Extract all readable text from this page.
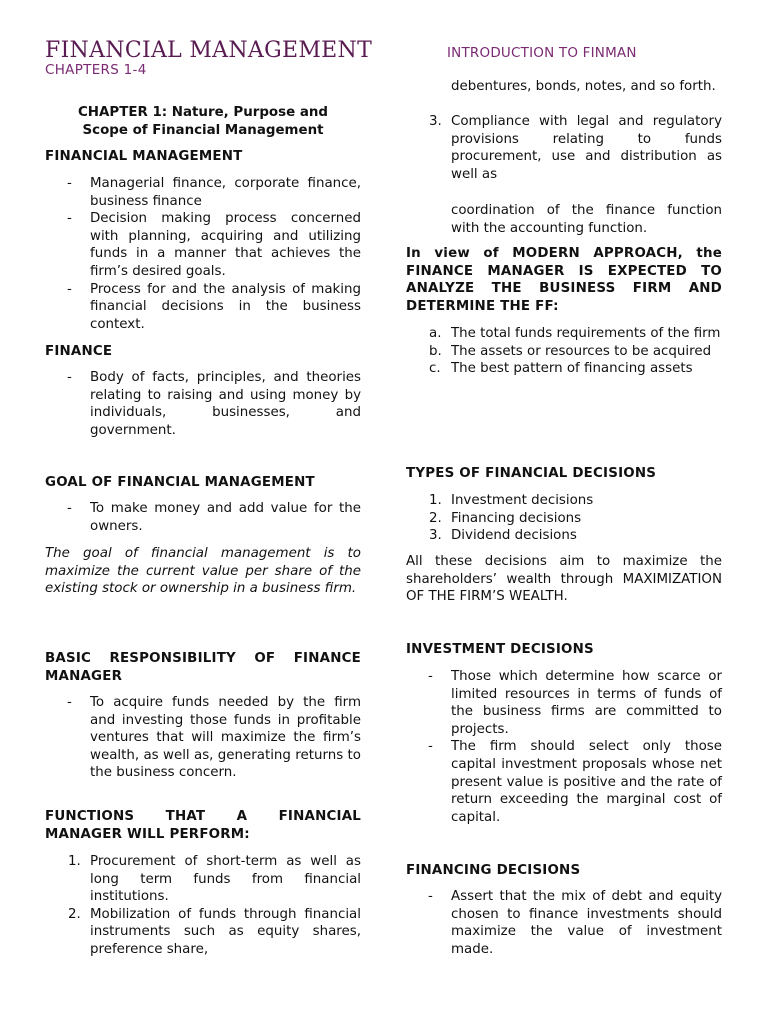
FINANCIAL MANAGEMENT
CHAPTERS 1-4
INTRODUCTION TO FINMAN
CHAPTER 1: Nature, Purpose and
Scope of Financial Management
FINANCIAL MANAGEMENT
-	Managerial finance, corporate finance, business finance
-	Decision making process concerned with planning, acquiring and utilizing funds in a manner that achieves the firm’s desired goals.
-	Process for and the analysis of making financial decisions in the business context.
FINANCE
-	Body of facts, principles, and theories relating to raising and using money by individuals, businesses, and government.
GOAL OF FINANCIAL MANAGEMENT
-	To make money and add value for the owners.
The goal of financial management is to maximize the current value per share of the existing stock or ownership in a business firm.
BASIC RESPONSIBILITY OF FINANCE MANAGER
-	To acquire funds needed by the firm and investing those funds in profitable ventures that will maximize the firm’s wealth, as well as, generating returns to the business concern.
FUNCTIONS THAT A FINANCIAL MANAGER WILL PERFORM:
1. Procurement of short-term as well as long term funds from financial institutions.
2. Mobilization of funds through financial instruments such as equity shares, preference share,
debentures, bonds, notes, and so forth.
3. Compliance with legal and regulatory provisions relating to funds procurement, use and distribution as well as
coordination of the finance function with the accounting function.
In view of MODERN APPROACH, the FINANCE MANAGER IS EXPECTED TO ANALYZE THE BUSINESS FIRM AND DETERMINE THE FF:
a. The total funds requirements of the firm
b. The assets or resources to be acquired
c. The best pattern of financing assets
TYPES OF FINANCIAL DECISIONS
1. Investment decisions
2. Financing decisions
3. Dividend decisions
All these decisions aim to maximize the shareholders’ wealth through MAXIMIZATION OF THE FIRM’S WEALTH.
INVESTMENT DECISIONS
-	Those which determine how scarce or limited resources in terms of funds of the business firms are committed to projects.
-	The firm should select only those capital investment proposals whose net present value is positive and the rate of return exceeding the marginal cost of capital.
FINANCING DECISIONS
-	Assert that the mix of debt and equity chosen to finance investments should maximize the value of investment made.
